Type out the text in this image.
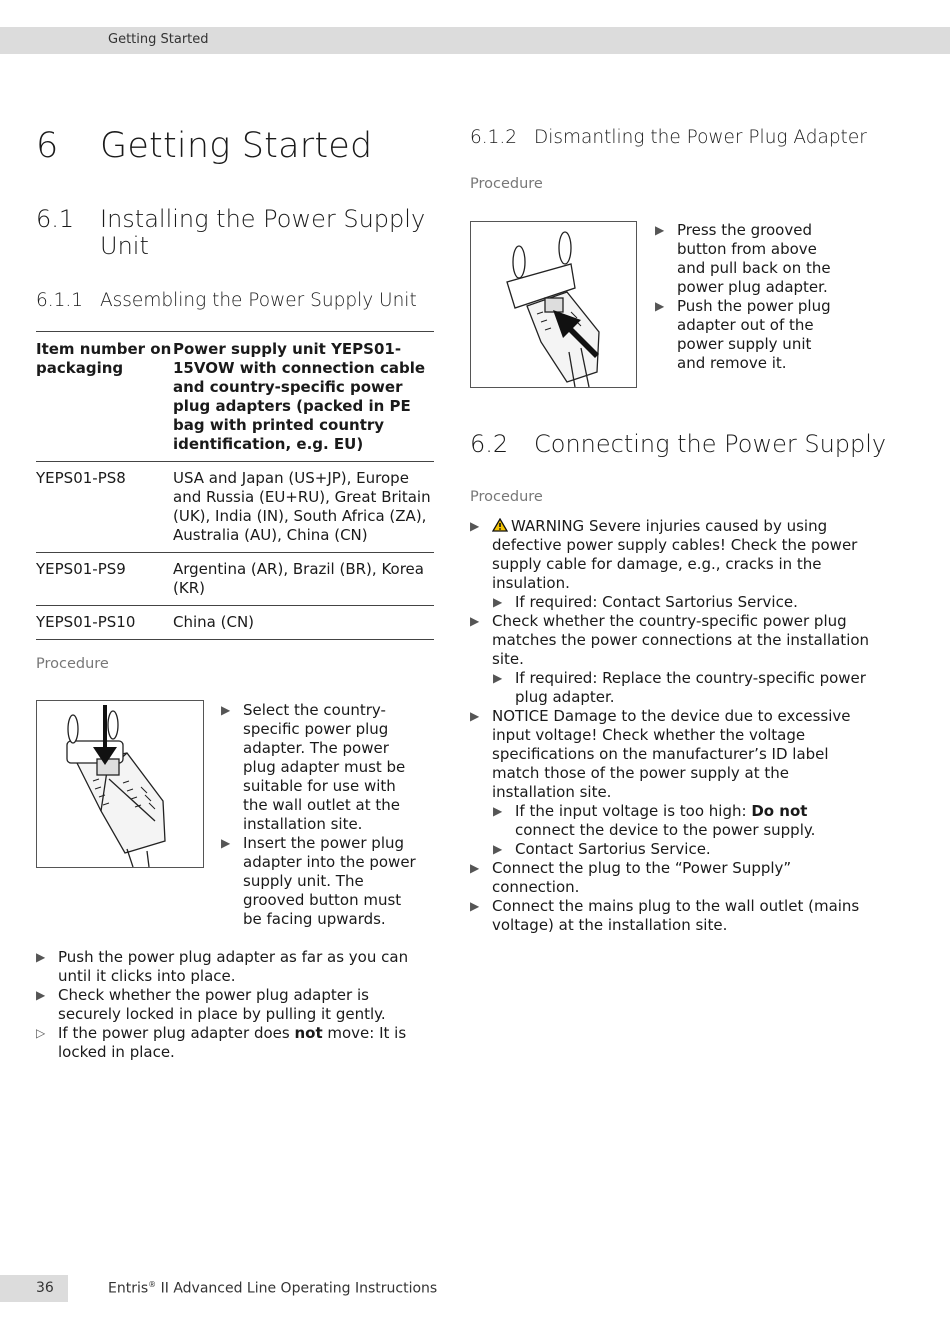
Getting Started
36	Entris® II Advanced Line Operating Instructions
6 Getting Started
6.1 Installing the Power Supply Unit
6.1.1 Assembling the Power Supply Unit
Item number on packaging	Power supply unit YEPS01-15VOW with connection cable and country-specific power plug adapters (packed in PE bag with printed country identification, e.g. EU)
YEPS01-PS8	USA and Japan (US+JP), Europe and Russia (EU+RU), Great Britain (UK), India (IN), South Africa (ZA), Australia (AU), China (CN)
YEPS01-PS9	Argentina (AR), Brazil (BR), Korea (KR)
YEPS01-PS10	China (CN)
Procedure
▶ Select the country-specific power plug adapter. The power plug adapter must be suitable for use with the wall outlet at the installation site.
▶ Insert the power plug adapter into the power supply unit. The grooved button must be facing upwards.
▶ Push the power plug adapter as far as you can until it clicks into place.
▶ Check whether the power plug adapter is securely locked in place by pulling it gently.
▷ If the power plug adapter does not move: It is locked in place.
6.1.2 Dismantling the Power Plug Adapter
Procedure
▶ Press the grooved button from above and pull back on the power plug adapter.
▶ Push the power plug adapter out of the power supply unit and remove it.
6.2 Connecting the Power Supply
Procedure
▶ WARNING Severe injuries caused by using defective power supply cables! Check the power supply cable for damage, e.g., cracks in the insulation.
▶ If required: Contact Sartorius Service.
▶ Check whether the country-specific power plug matches the power connections at the installation site.
▶ If required: Replace the country-specific power plug adapter.
▶ NOTICE Damage to the device due to excessive input voltage! Check whether the voltage specifications on the manufacturer’s ID label match those of the power supply at the installation site.
▶ If the input voltage is too high: Do not connect the device to the power supply.
▶ Contact Sartorius Service.
▶ Connect the plug to the “Power Supply” connection.
▶ Connect the mains plug to the wall outlet (mains voltage) at the installation site.
